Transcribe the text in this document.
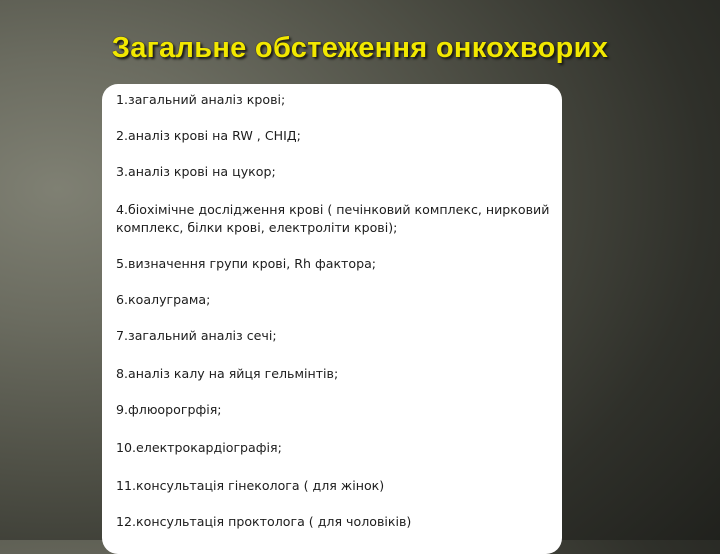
Загальне обстеження онкохворих
1.загальний аналіз крові;
2.аналіз крові на RW , СНІД;
3.аналіз крові на цукор;
4.біохімічне дослідження крові ( печінковий комплекс, нирковий комплекс, білки крові, електроліти крові);
5.визначення групи крові, Rh фактора;
6.коалуграма;
7.загальний аналіз сечі;
8.аналіз калу на яйця гельмінтів;
9.флюорогрфія;
10.електрокардіографія;
11.консультація гінеколога ( для жінок)
12.консультація проктолога ( для чоловіків)
